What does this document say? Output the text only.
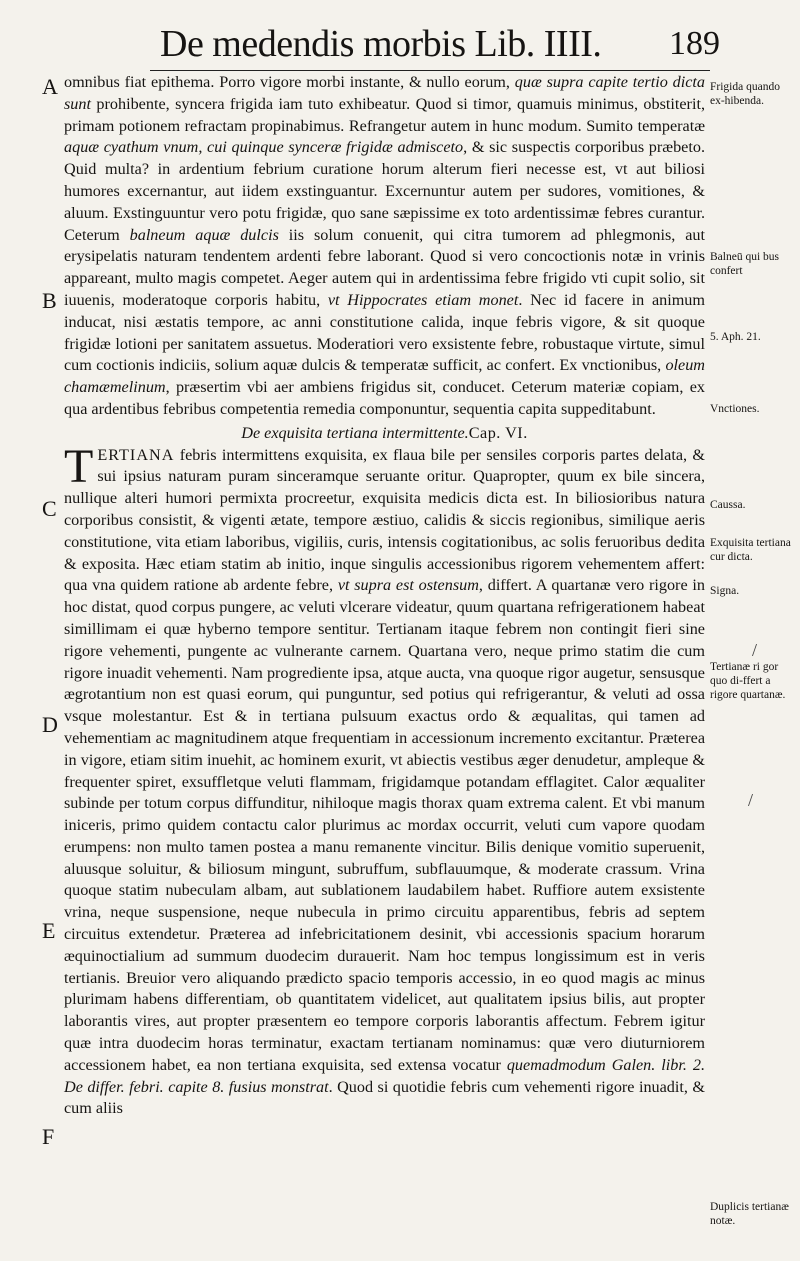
De medendis morbis Lib. IIII. 189
A
B
C
D
E
F

omnibus fiat epithema. Porro vigore morbi instante, & nullo eorum, quæ supra capite tertio dicta sunt prohibente, syncera frigida iam tuto exhibeatur. Quod si timor, quamuis minimus, obstiterit, primam potionem refractam propinabimus. Refrangetur autem in hunc modum. Sumito temperatæ aquæ cyathum vnum, cui quinque synceræ frigidæ admisceto, & sic suspectis corporibus præbeto. Quid multa? in ardentium febrium curatione horum alterum fieri necesse est, vt aut biliosi humores excernantur, aut iidem exstinguantur. Excernuntur autem per sudores, vomitiones, & aluum. Exstinguuntur vero potu frigidæ, quo sane sæpissime ex toto ardentissimæ febres curantur. Ceterum balneum aquæ dulcis iis solum conuenit, qui citra tumorem ad phlegmonis, aut erysipelatis naturam tendentem ardenti febre laborant. Quod si vero concoctionis notæ in vrinis appareant, multo magis competet. Aeger autem qui in ardentissima febre frigido vti cupit solio, sit iuuenis, moderatoque corporis habitu, vt Hippocrates etiam monet. Nec id facere in animum inducat, nisi æstatis tempore, ac anni constitutione calida, inque febris vigore, & sit quoque frigidæ lotioni per sanitatem assuetus. Moderatiori vero exsistente febre, robustaque virtute, simul cum coctionis indiciis, solium aquæ dulcis & temperatæ sufficit, ac confert. Ex vnctionibus, oleum chamæmelinum, præsertim vbi aer ambiens frigidus sit, conducet. Ceterum materiæ copiam, ex qua ardentibus febribus competentia remedia componuntur, sequentia capita suppeditabunt.

De exquisita tertiana intermittente.Cap. VI.

TERTIANA febris intermittens exquisita, ex flaua bile per sensiles corporis partes delata, & sui ipsius naturam puram sinceramque seruante oritur. Quapropter, quum ex bile sincera, nullique alteri humori permixta procreetur, exquisita medicis dicta est. In biliosioribus natura corporibus consistit, & vigenti ætate, tempore æstiuo, calidis & siccis regionibus, similique aeris constitutione, vita etiam laboribus, vigiliis, curis, intensis cogitationibus, ac solis feruoribus dedita & exposita. Hæc etiam statim ab initio, inque singulis accessionibus rigorem vehementem affert: qua vna quidem ratione ab ardente febre, vt supra est ostensum, differt. A quartanæ vero rigore in hoc distat, quod corpus pungere, ac veluti vlcerare videatur, quum quartana refrigerationem habeat simillimam ei quæ hyberno tempore sentitur. Tertianam itaque febrem non contingit fieri sine rigore vehementi, pungente ac vulnerante carnem. Quartana vero, neque primo statim die cum rigore inuadit vehementi. Nam progrediente ipsa, atque aucta, vna quoque rigor augetur, sensusque ægrotantium non est quasi eorum, qui punguntur, sed potius qui refrigerantur, & veluti ad ossa vsque molestantur. Est & in tertiana pulsuum exactus ordo & æqualitas, qui tamen ad vehementiam ac magnitudinem atque frequentiam in accessionum incremento excitantur. Præterea in vigore, etiam sitim inuehit, ac hominem exurit, vt abiectis vestibus æger denudetur, ampleque & frequenter spiret, exsuffletque veluti flammam, frigidamque potandam efflagitet. Calor æqualiter subinde per totum corpus diffunditur, nihiloque magis thorax quam extrema calent. Et vbi manum iniceris, primo quidem contactu calor plurimus ac mordax occurrit, veluti cum vapore quodam erumpens: non multo tamen postea a manu remanente vincitur. Bilis denique vomitio superuenit, aluusque soluitur, & biliosum mingunt, subruffum, subflauumque, & moderate crassum. Vrina quoque statim nubeculam albam, aut sublationem laudabilem habet. Ruffiore autem exsistente vrina, neque suspensione, neque nubecula in primo circuitu apparentibus, febris ad septem circuitus extendetur. Præterea ad infebricitationem desinit, vbi accessionis spacium horarum æquinoctialium ad summum duodecim durauerit. Nam hoc tempus longissimum est in veris tertianis. Breuior vero aliquando prædicto spacio temporis accessio, in eo quod magis ac minus plurimam habens differentiam, ob quantitatem videlicet, aut qualitatem ipsius bilis, aut propter laborantis vires, aut propter præsentem eo tempore corporis laborantis affectum. Febrem igitur quæ intra duodecim horas terminatur, exactam tertianam nominamus: quæ vero diuturniorem accessionem habet, ea non tertiana exquisita, sed extensa vocatur quemadmodum Galen. libr. 2. De differ. febri. capite 8. fusius monstrat. Quod si quotidie febris cum vehementi rigore inuadit, & cum aliis

Frigida quando ex-hibenda.
Balneū qui bus confert
5. Aph. 21.
Vnctiones.
Caussa.
Exquisita tertiana cur dicta.
Signa.
Tertianæ ri gor quo di-ffert a rigore quartanæ.
Duplicis tertianæ notæ.
/
/
